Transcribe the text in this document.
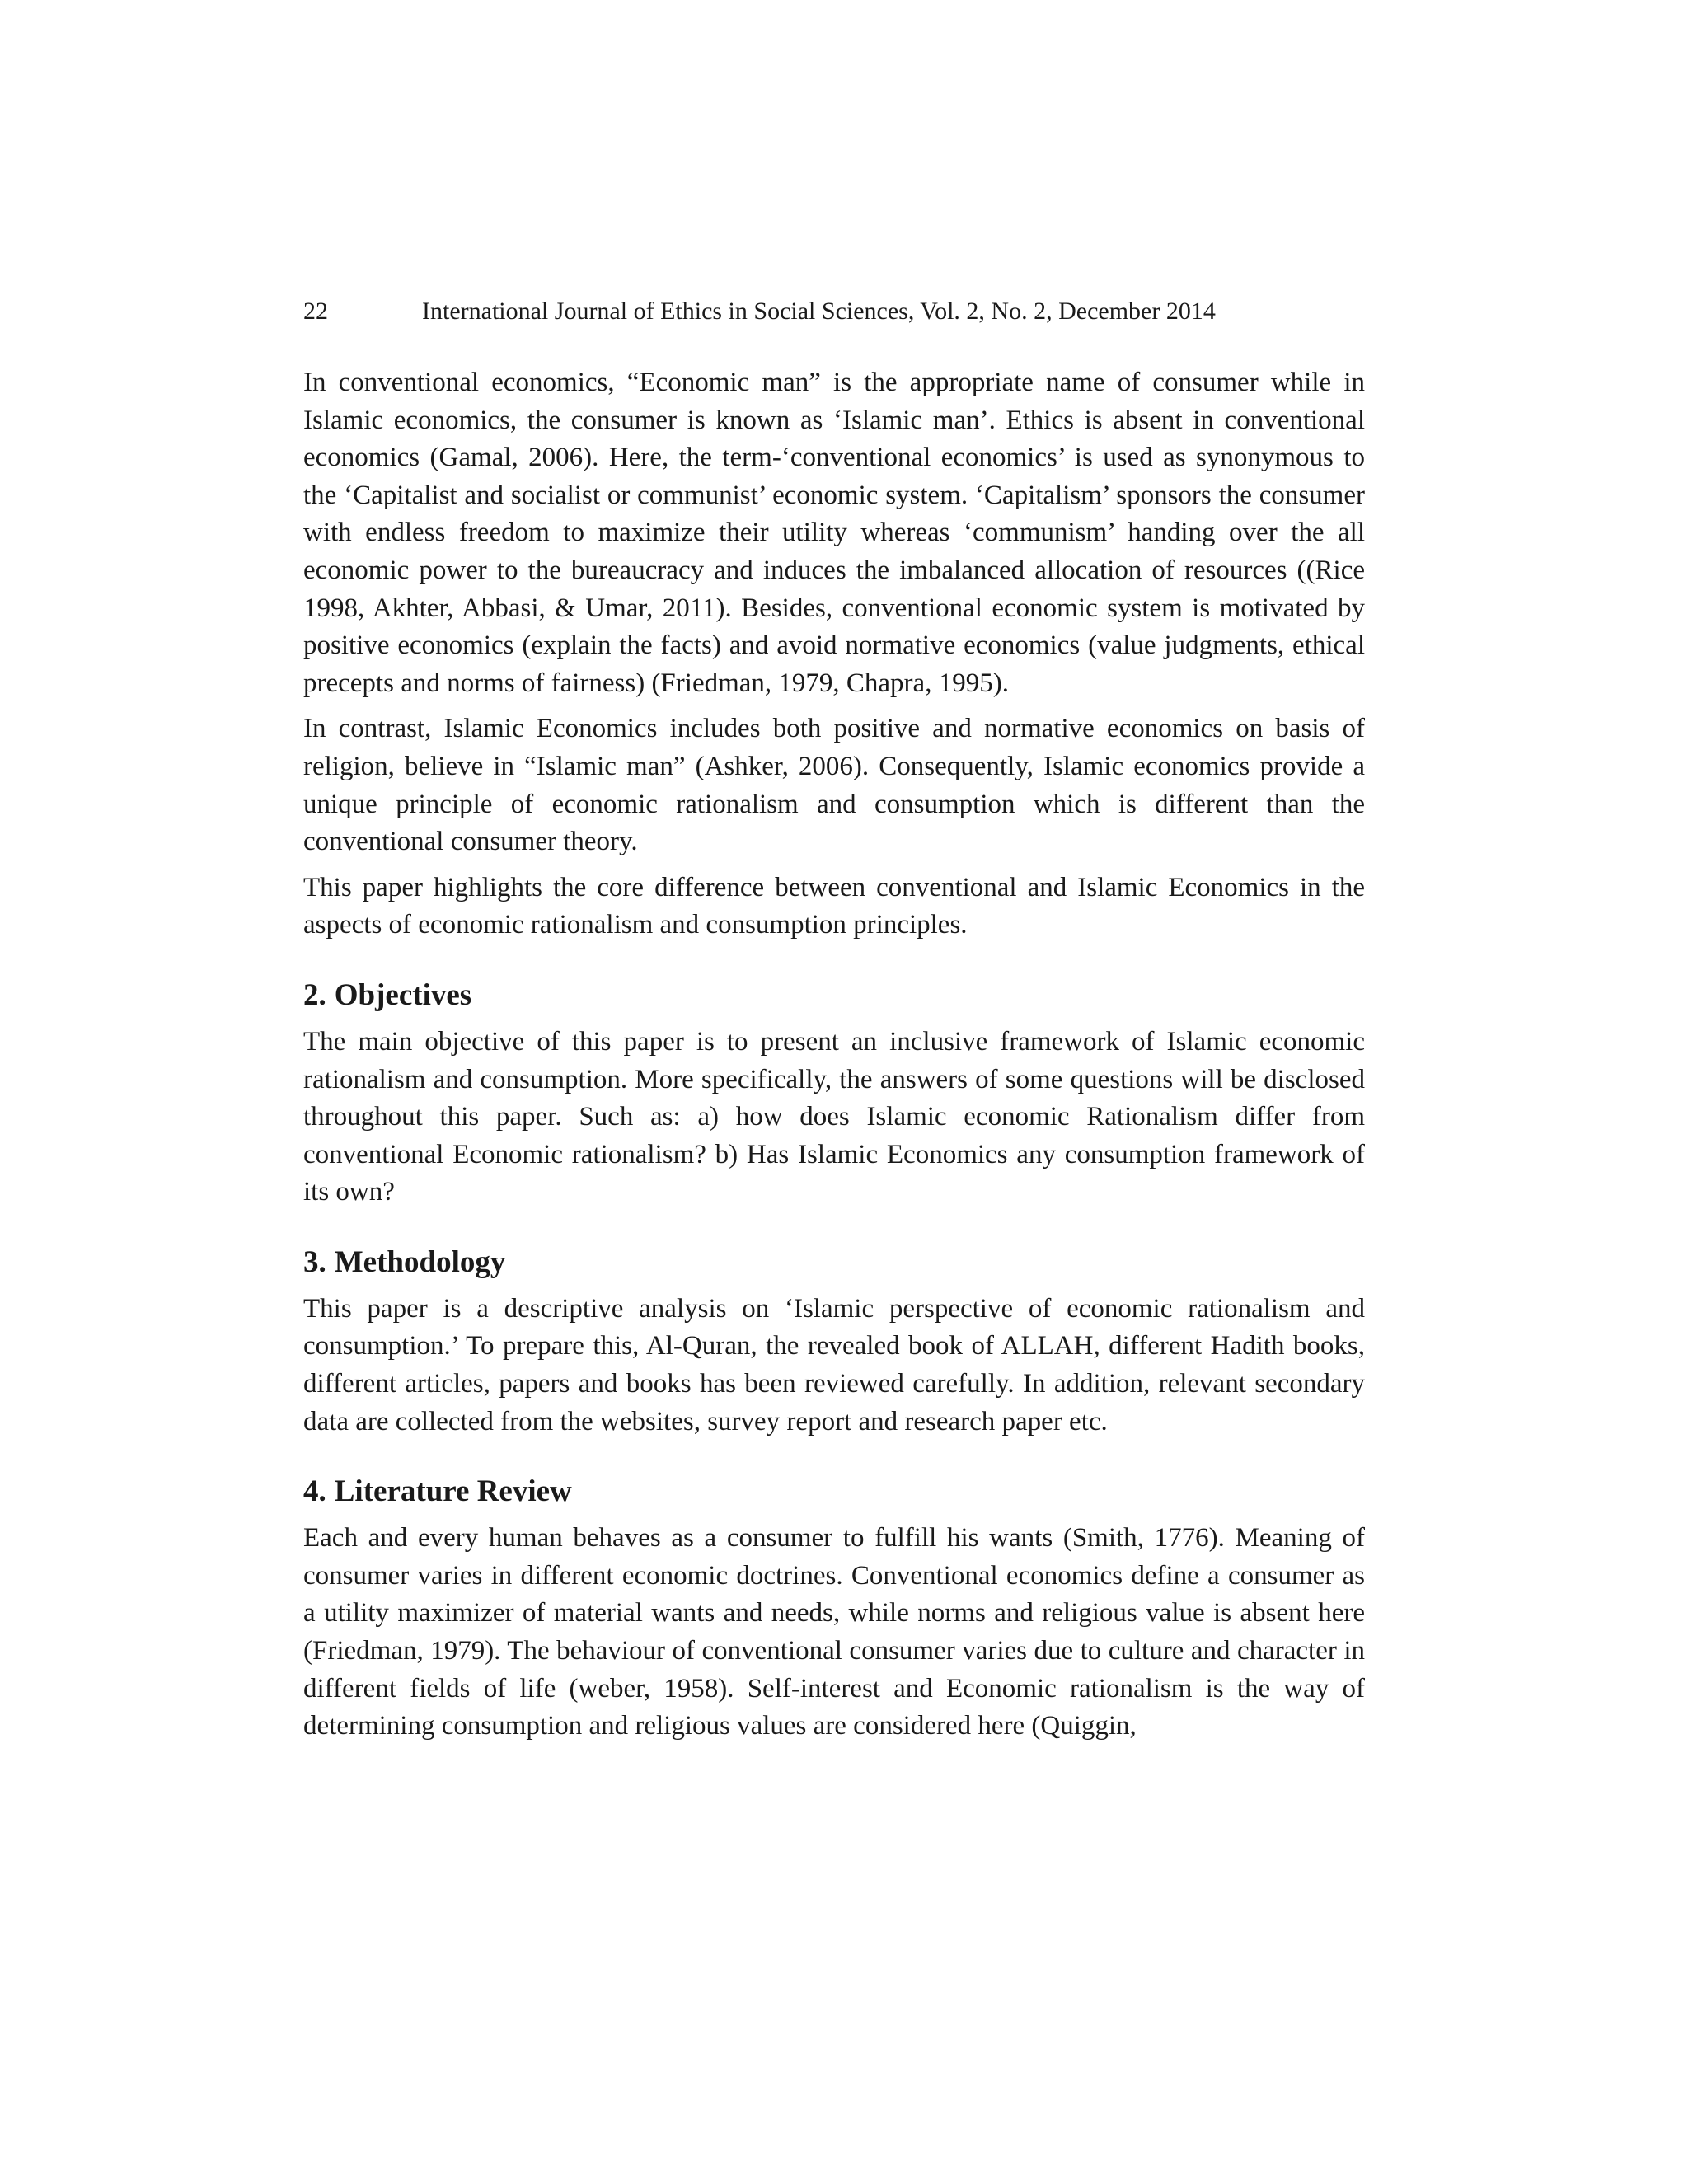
22	International Journal of Ethics in Social Sciences, Vol. 2, No. 2, December 2014

In conventional economics, “Economic man” is the appropriate name of consumer while in Islamic economics, the consumer is known as ‘Islamic man’. Ethics is absent in conventional economics (Gamal, 2006). Here, the term-‘conventional economics’ is used as synonymous to the ‘Capitalist and socialist or communist’ economic system. ‘Capitalism’ sponsors the consumer with endless freedom to maximize their utility whereas ‘communism’ handing over the all economic power to the bureaucracy and induces the imbalanced allocation of resources ((Rice 1998, Akhter, Abbasi, & Umar, 2011). Besides, conventional economic system is motivated by positive economics (explain the facts) and avoid normative economics (value judgments, ethical precepts and norms of fairness) (Friedman, 1979, Chapra, 1995).

In contrast, Islamic Economics includes both positive and normative economics on basis of religion, believe in “Islamic man” (Ashker, 2006). Consequently, Islamic economics provide a unique principle of economic rationalism and consumption which is different than the conventional consumer theory.

This paper highlights the core difference between conventional and Islamic Economics in the aspects of economic rationalism and consumption principles.

2. Objectives

The main objective of this paper is to present an inclusive framework of Islamic economic rationalism and consumption. More specifically, the answers of some questions will be disclosed throughout this paper. Such as: a) how does Islamic economic Rationalism differ from conventional Economic rationalism? b) Has Islamic Economics any consumption framework of its own?

3. Methodology

This paper is a descriptive analysis on ‘Islamic perspective of economic rationalism and consumption.’ To prepare this, Al-Quran, the revealed book of ALLAH, different Hadith books, different articles, papers and books has been reviewed carefully. In addition, relevant secondary data are collected from the websites, survey report and research paper etc.

4. Literature Review

Each and every human behaves as a consumer to fulfill his wants (Smith, 1776). Meaning of consumer varies in different economic doctrines. Conventional economics define a consumer as a utility maximizer of material wants and needs, while norms and religious value is absent here (Friedman, 1979). The behaviour of conventional consumer varies due to culture and character in different fields of life (weber, 1958). Self-interest and Economic rationalism is the way of determining consumption and religious values are considered here (Quiggin,
